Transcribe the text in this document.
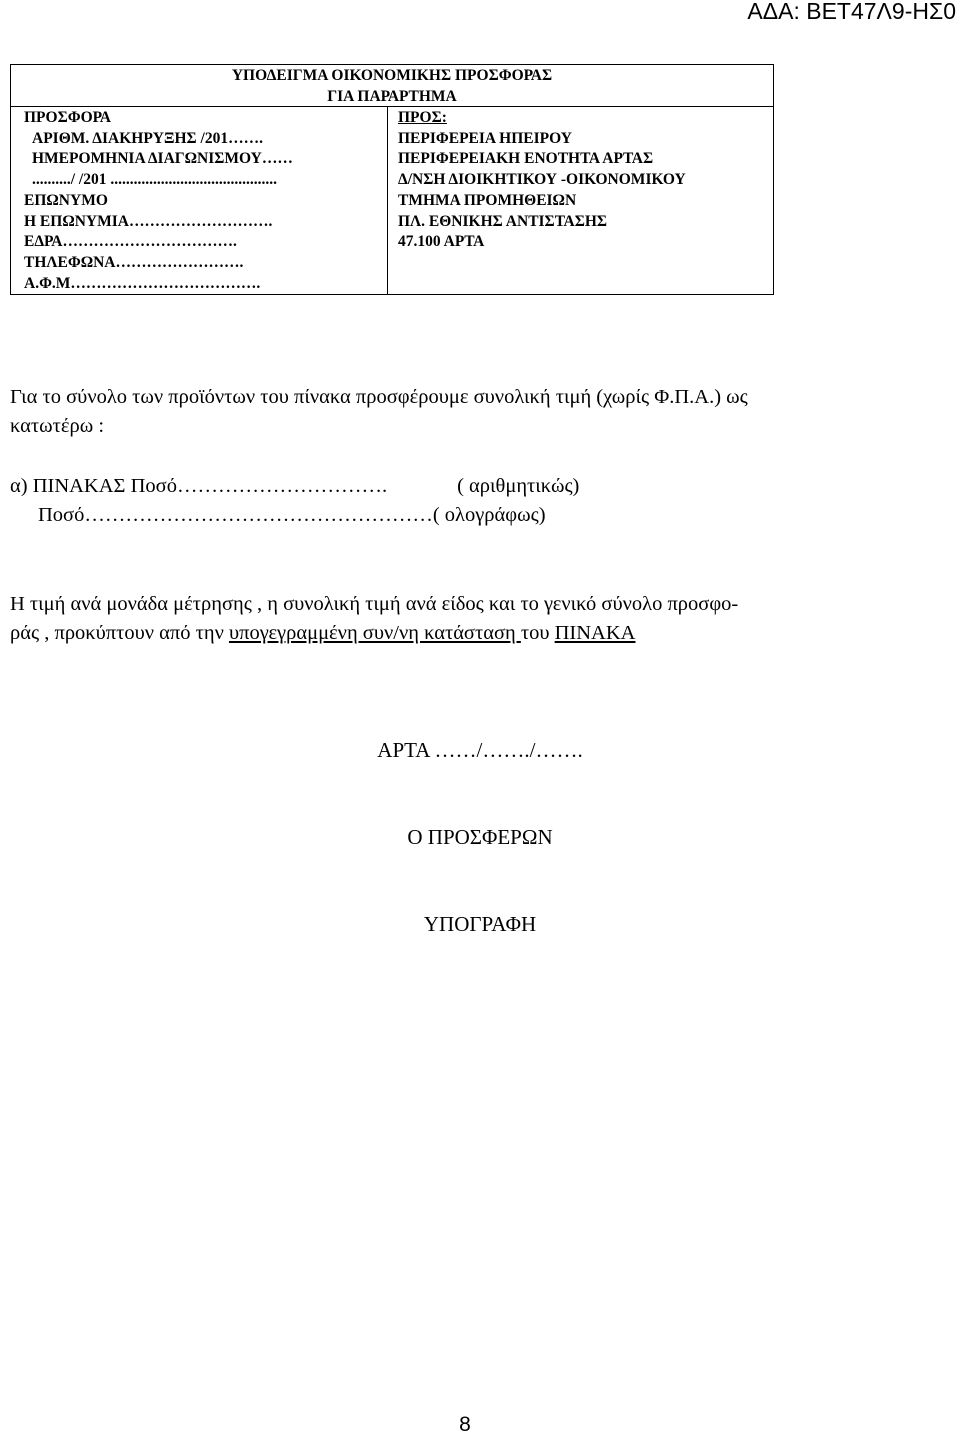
ΑΔΑ: ΒΕΤ47Λ9-ΗΣ0
ΥΠΟΔΕΙΓΜΑ ΟΙΚΟΝΟΜΙΚΗΣ ΠΡΟΣΦΟΡΑΣ
ΓΙΑ ΠΑΡΑΡΤΗΜΑ
ΠΡΟΣΦΟΡΑ
ΑΡΙΘΜ. ΔΙΑΚΗΡΥΞΗΣ /201…….
ΗΜΕΡΟΜΗΝΙΑ ΔΙΑΓΩΝΙΣΜΟΥ……
........../ /201 ...........................................
ΕΠΩΝΥΜΟ
Η ΕΠΩΝΥΜΙΑ……………………….
ΕΔΡΑ…………………………….
ΤΗΛΕΦΩΝΑ…………………….
Α.Φ.Μ……………………………….
ΠΡΟΣ:
ΠΕΡΙΦΕΡΕΙΑ ΗΠΕΙΡΟΥ
ΠΕΡΙΦΕΡΕΙΑΚΗ ΕΝΟΤΗΤΑ ΑΡΤΑΣ
Δ/ΝΣΗ ΔΙΟΙΚΗΤΙΚΟΥ -ΟΙΚΟΝΟΜΙΚΟΥ
ΤΜΗΜΑ ΠΡΟΜΗΘΕΙΩΝ
ΠΛ. ΕΘΝΙΚΗΣ ΑΝΤΙΣΤΑΣΗΣ
47.100 ΑΡΤΑ
Για το σύνολο των προϊόντων του πίνακα προσφέρουμε συνολική τιμή (χωρίς Φ.Π.Α.) ως
κατωτέρω :
α) ΠΙΝΑΚΑΣ Ποσό………………………….	( αριθμητικώς)
Ποσό……………………………………………( ολογράφως)
Η τιμή ανά μονάδα μέτρησης , η συνολική τιμή ανά είδος και το γενικό σύνολο προσφο-
ράς , προκύπτουν από την υπογεγραμμένη συν/νη κατάσταση του ΠΙΝΑΚΑ
ΑΡΤΑ ……/……./…….
Ο ΠΡΟΣΦΕΡΩΝ
ΥΠΟΓΡΑΦΗ
8
